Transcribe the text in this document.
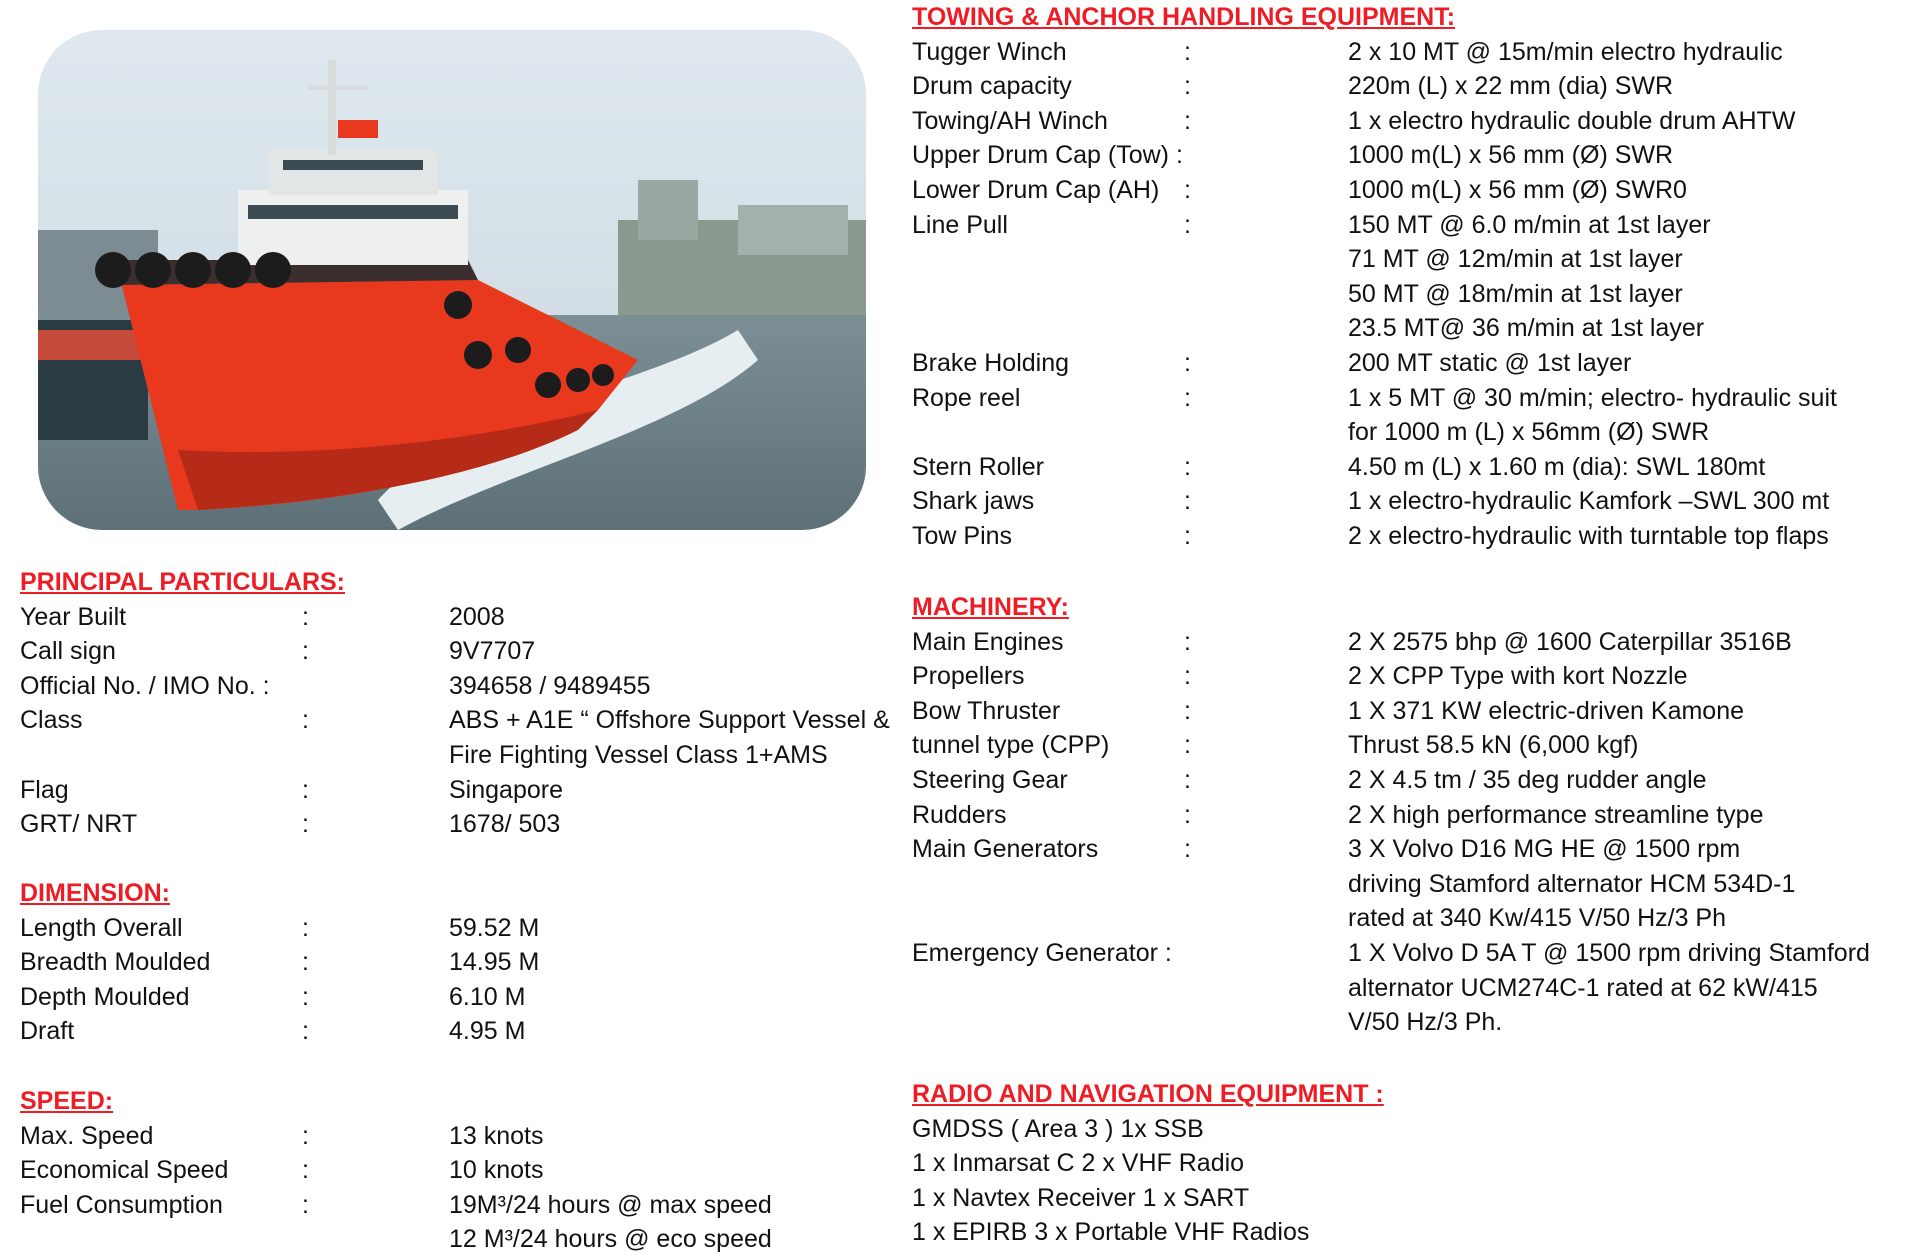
PRINCIPAL PARTICULARS:
Year Built	:	2008
Call sign	:	9V7707
Official No. / IMO No. :	394658 / 9489455
Class	:	ABS + A1E “ Offshore Support Vessel &
Fire Fighting Vessel Class 1+AMS
Flag	:	Singapore
GRT/ NRT	:	1678/ 503
DIMENSION:
Length Overall	:	59.52 M
Breadth Moulded	:	14.95 M
Depth Moulded	:	6.10 M
Draft	:	4.95 M
SPEED:
Max. Speed	:	13 knots
Economical Speed	:	10 knots
Fuel Consumption	:	19M³/24 hours @ max speed
12 M³/24 hours @ eco speed
TOWING & ANCHOR HANDLING EQUIPMENT:
Tugger Winch	:	2 x 10 MT @ 15m/min electro hydraulic
Drum capacity	:	220m (L) x 22 mm (dia) SWR
Towing/AH Winch	:	1 x electro hydraulic double drum AHTW
Upper Drum Cap (Tow) :	1000 m(L) x 56 mm (Ø) SWR
Lower Drum Cap (AH) :	1000 m(L) x 56 mm (Ø) SWR0
Line Pull	:	150 MT @ 6.0 m/min at 1st layer
71 MT @ 12m/min at 1st layer
50 MT @ 18m/min at 1st layer
23.5 MT@ 36 m/min at 1st layer
Brake Holding	:	200 MT static @ 1st layer
Rope reel	:	1 x 5 MT @ 30 m/min; electro- hydraulic suit
for 1000 m (L) x 56mm (Ø) SWR
Stern Roller	:	4.50 m (L) x 1.60 m (dia): SWL 180mt
Shark jaws	:	1 x electro-hydraulic Kamfork –SWL 300 mt
Tow Pins	:	2 x electro-hydraulic with turntable top flaps
MACHINERY:
Main Engines	:	2 X 2575 bhp @ 1600 Caterpillar 3516B
Propellers	:	2 X CPP Type with kort Nozzle
Bow Thruster	:	1 X 371 KW electric-driven Kamone
tunnel type (CPP)	:	Thrust 58.5 kN (6,000 kgf)
Steering Gear	:	2 X 4.5 tm / 35 deg rudder angle
Rudders	:	2 X high performance streamline type
Main Generators	:	3 X Volvo D16 MG HE @ 1500 rpm
driving Stamford alternator HCM 534D-1
rated at 340 Kw/415 V/50 Hz/3 Ph
Emergency Generator :	1 X Volvo D 5A T @ 1500 rpm driving Stamford
alternator UCM274C-1 rated at 62 kW/415
V/50 Hz/3 Ph.
RADIO AND NAVIGATION EQUIPMENT :
GMDSS ( Area 3 ) 1x SSB
1 x Inmarsat C 2 x VHF Radio
1 x Navtex Receiver 1 x SART
1 x EPIRB 3 x Portable VHF Radios
